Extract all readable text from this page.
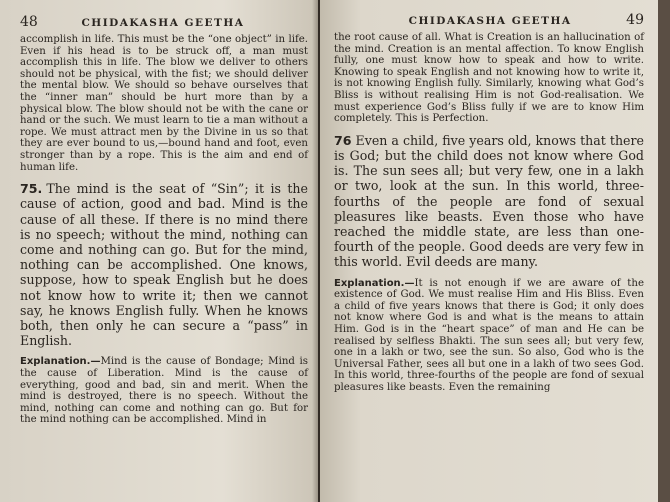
48	CHIDAKASHA GEETHA

accomplish in life. This must be the “one object” in life. Even if his head is to be struck off, a man must accomplish this in life. The blow we deliver to others should not be physical, with the fist; we should deliver the mental blow. We should so behave ourselves that the “inner man” should be hurt more than by a physical blow. The blow should not be with the cane or hand or the such. We must learn to tie a man without a rope. We must attract men by the Divine in us so that they are ever bound to us,—bound hand and foot, even stronger than by a rope. This is the aim and end of human life.

75. The mind is the seat of “Sin”; it is the cause of action, good and bad. Mind is the cause of all these. If there is no mind there is no speech; without the mind, nothing can come and nothing can go. But for the mind, nothing can be accomplished. One knows, suppose, how to speak English but he does not know how to write it; then we cannot say, he knows English fully. When he knows both, then only he can secure a “pass” in English.

Explanation.—Mind is the cause of Bondage; Mind is the cause of Liberation. Mind is the cause of everything, good and bad, sin and merit. When the mind is destroyed, there is no speech. Without the mind, nothing can come and nothing can go. But for the mind nothing can be accomplished. Mind in

CHIDAKASHA GEETHA	49

the root cause of all. What is Creation is an hallucination of the mind. Creation is an mental affection. To know English fully, one must know how to speak and how to write. Knowing to speak English and not knowing how to write it, is not knowing English fully. Similarly, knowing what God’s Bliss is without realising Him is not God-realisation. We must experience God’s Bliss fully if we are to know Him completely. This is Perfection.

76 Even a child, five years old, knows that there is God; but the child does not know where God is. The sun sees all; but very few, one in a lakh or two, look at the sun. In this world, three-fourths of the people are fond of sexual pleasures like beasts. Even those who have reached the middle state, are less than one-fourth of the people. Good deeds are very few in this world. Evil deeds are many.

Explanation.—It is not enough if we are aware of the existence of God. We must realise Him and His Bliss. Even a child of five years knows that there is God; it only does not know where God is and what is the means to attain Him. God is in the “heart space” of man and He can be realised by selfless Bhakti. The sun sees all; but very few, one in a lakh or two, see the sun. So also, God who is the Universal Father, sees all but one in a lakh of two sees God. In this world, three-fourths of the people are fond of sexual pleasures like beasts. Even the remaining
